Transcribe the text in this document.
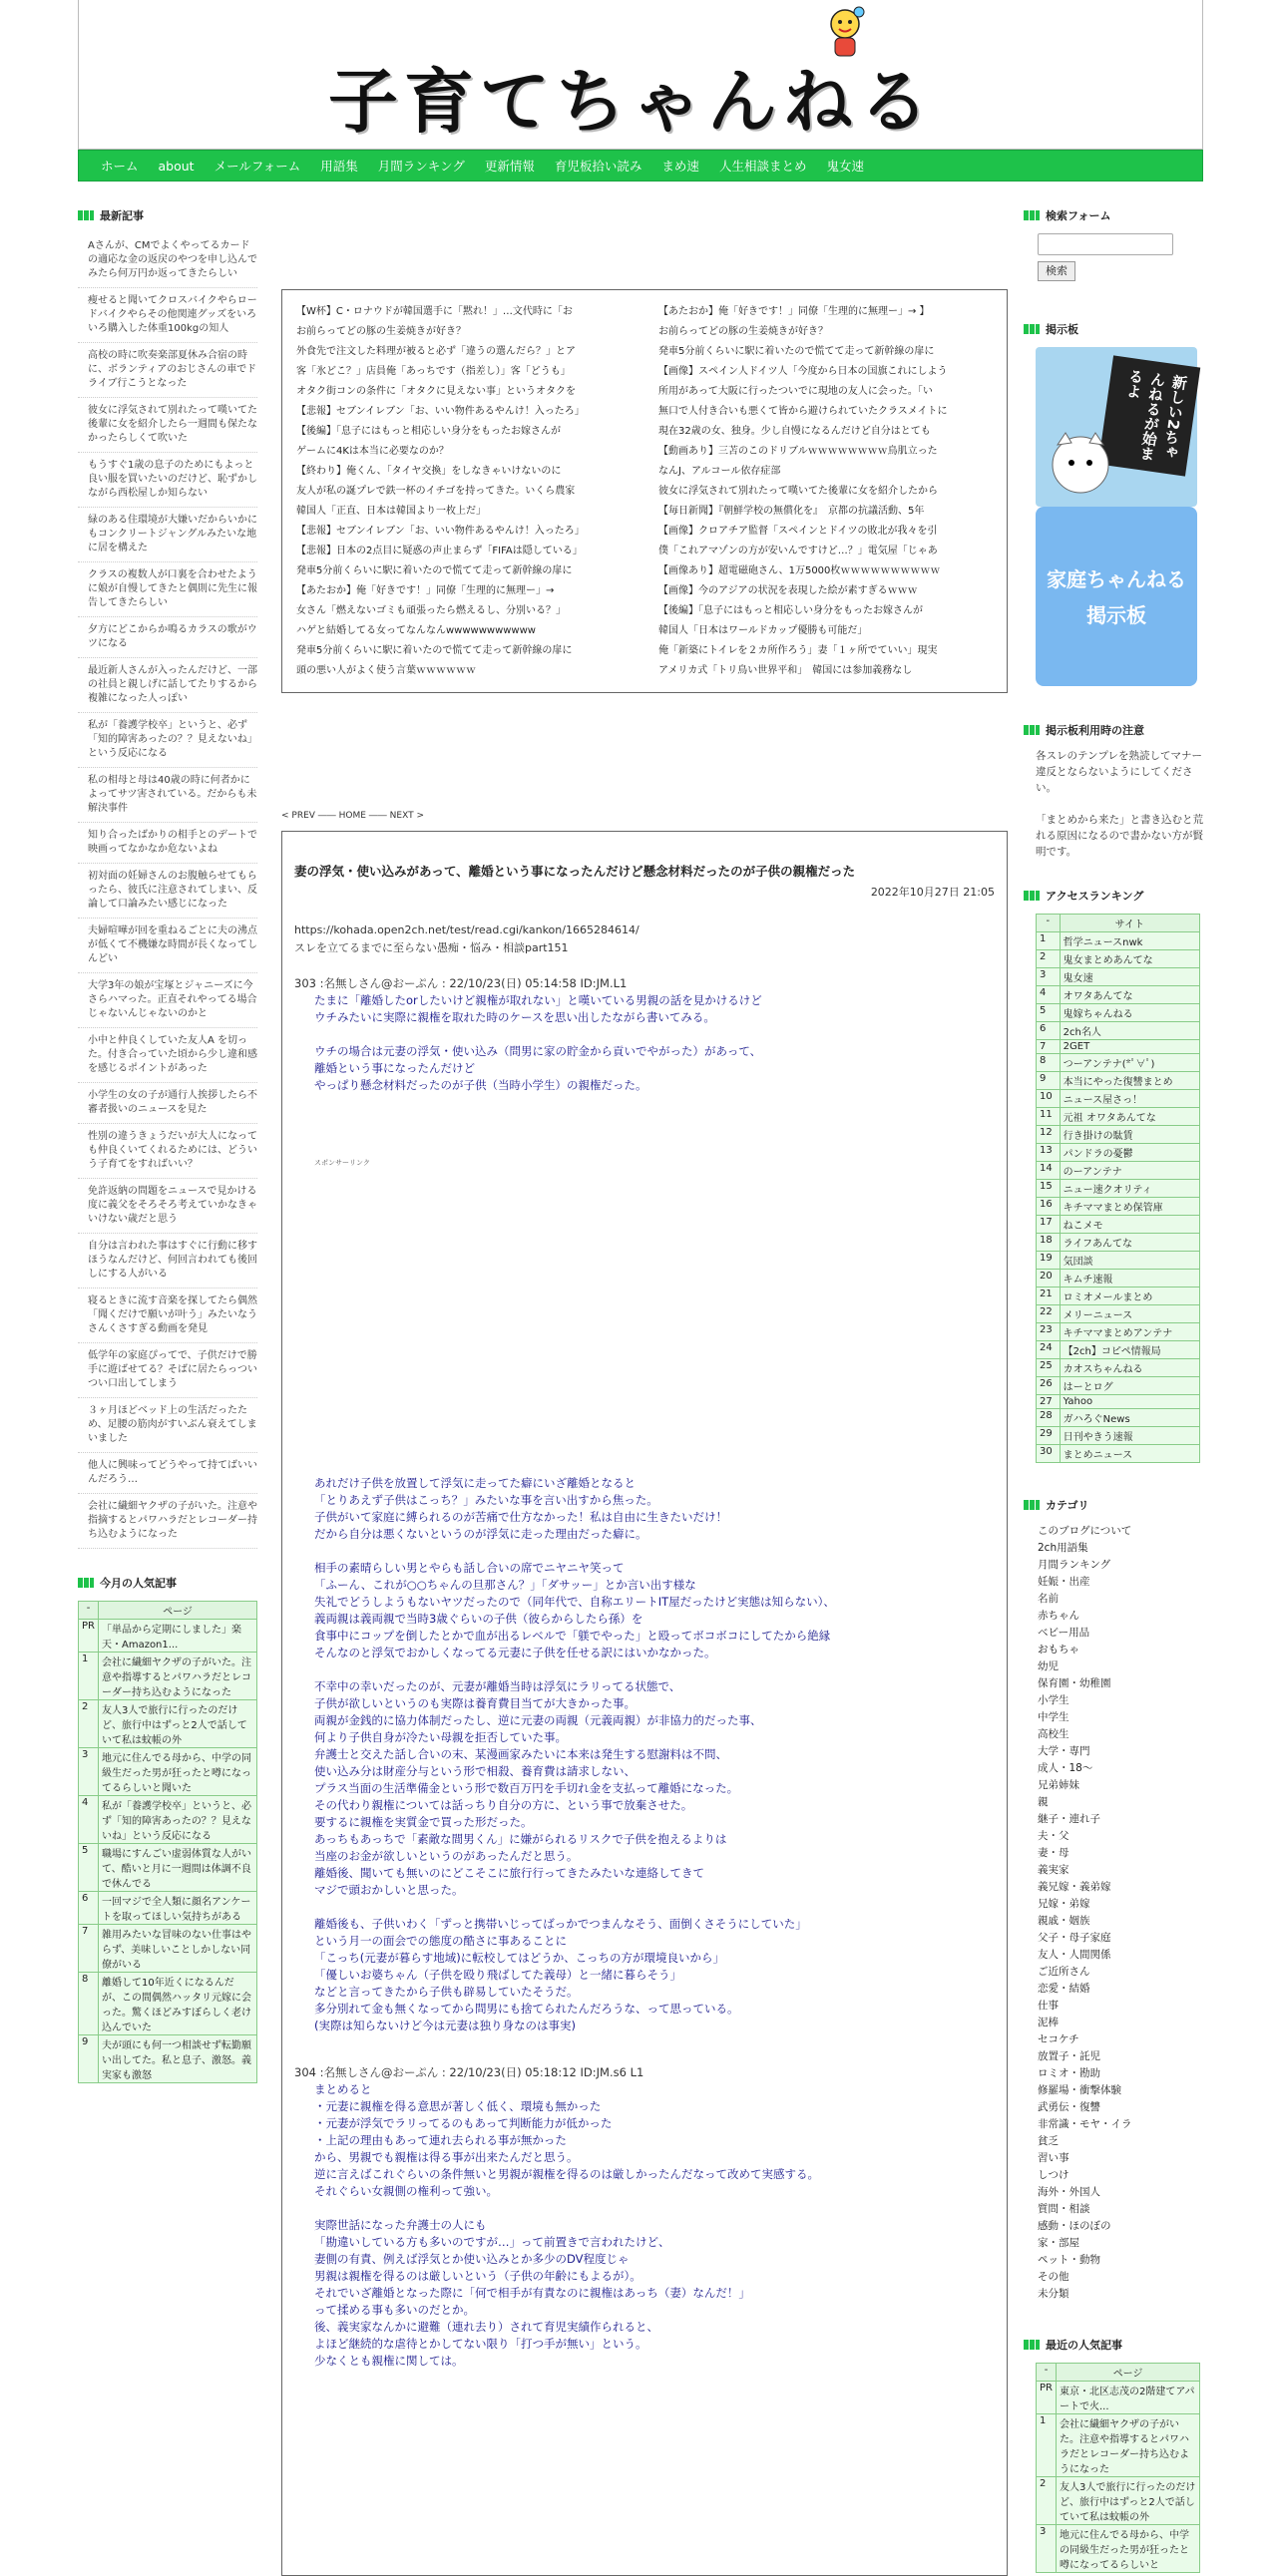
子育てちゃんねる
ホーム	about	メールフォーム	用語集	月間ランキング	更新情報	育児板拾い読み	まめ速	人生相談まとめ	鬼女速
最新記事
Aさんが、CMでよくやってるカードの適応な金の返戻のやつを申し込んでみたら何万円か返ってきたらしい
痩せると聞いてクロスバイクやらロードバイクやらその他関連グッズをいろいろ購入した体重100kgの知人
高校の時に吹奏楽部夏休み合宿の時に、ボランティアのおじさんの車でドライブ行こうとなった
彼女に浮気されて別れたって嘆いてた後輩に女を紹介したら一週間も保たなかったらしくて吹いた
もうすぐ1歳の息子のためにもよっと良い服を買いたいのだけど、恥ずかしながら西松屋しか知らない
緑のある住環境が大嫌いだからいかにもコンクリートジャングルみたいな地に居を構えた
クラスの複数人が口裏を合わせたように娘が自慢してきたと偶則に先生に報告してきたらしい
夕方にどこからか鳴るカラスの歌がウツになる
最近新人さんが入ったんだけど、一部の社員と親しげに話してたりするから複雑になった人っぽい
私が「養護学校卒」というと、必ず「知的障害あったの？？見えないね」という反応になる
私の相母と母は40歳の時に何者かによってサツ害されている。だからも未解決事件
知り合ったばかりの相手とのデートで映画ってなかなか危ないよね
初対面の妊婦さんのお腹触らせてもらったら、彼氏に注意されてしまい、反論して口論みたい感じになった
夫婦喧嘩が回を重ねるごとに夫の沸点が低くて不機嫌な時間が長くなってしんどい
大学3年の娘が宝塚とジャニーズに今さらハマった。正直それやってる場合じゃないんじゃないのかと
小中と仲良くしていた友人A を切った。付き合っていた頃から少し違和感を感じるポイントがあった
小学生の女の子が通行人挨拶したら不審者扱いのニュースを見た
性別の違うきょうだいが大人になっても仲良くいてくれるためには、どういう子育てをすればいい？
免許返納の問題をニュースで見かける度に義父をそろそろ考えていかなきゃいけない歳だと思う
自分は言われた事はすぐに行動に移すほうなんだけど、何回言われても後回しにする人がいる
寝るときに流す音楽を探してたら偶然「聞くだけで願いが叶う」みたいなうさんくさすぎる動画を発見
低学年の家庭ぴってで、子供だけで勝手に遊ばせてる？そばに居たらっついつい口出してしまう
３ヶ月ほどベッド上の生活だったため、足腰の筋肉がすいぶん衰えてしまいました
他人に興味ってどうやって持てばいいんだろう…
会社に繊細ヤクザの子がいた。注意や指摘するとパワハラだとレコーダー持ち込むようになった
今月の人気記事
-	ページ
PR	「単品から定期にしました」楽天・Amazon1...
1	会社に繊細ヤクザの子がいた。注意や指導するとパワハラだとレコーダー持ち込むようになった
2	友人3人で旅行に行ったのだけど、旅行中はずっと2人で話していて私は蚊帳の外
3	地元に住んでる母から、中学の同級生だった男が狂ったと噂になってるらしいと聞いた
4	私が「養護学校卒」というと、必ず「知的障害あったの？？見えないね」という反応になる
5	職場にすんごい虚弱体質な人がいて、酷いと月に一週間は体調不良で休んでる
6	一回マジで全人類に顔名アンケートを取ってほしい気持ちがある
7	雑用みたいな冒味のない仕事はやらず、美味しいことしかしない同僚がいる
8	離婚して10年近くになるんだが、この間偶然ハッタリ元嫁に会った。驚くほどみすぼらしく老け込んでいた
9	夫が頭にも何一つ相談せず転勤願い出してた。私と息子、激怒。義実家も激怒
【W杯】C・ロナウドが韓国選手に「黙れ！」…文代時に「お
お前らってどの豚の生姜焼きが好き？
外食先で注文した料理が被ると必ず「違うの選んだら？」とア
客「氷どこ？」店員俺「あっちです（指差し）」客「どうも」
オタク街コンの条件に「オタクに見えない事」というオタクを
【悲報】セブンイレブン「お、いい物件あるやんけ！入ったろ」
【後編】「息子にはもっと相応しい身分をもったお嫁さんが
ゲームに4Kは本当に必要なのか？
【終わり】俺くん、「タイヤ交換」をしなきゃいけないのに
友人が私の誕プレで鉄一杯のイチゴを持ってきた。いくら農家
韓国人「正直、日本は韓国より一枚上だ」
【悲報】セブンイレブン「お、いい物件あるやんけ！入ったろ」
【悲報】日本の2点目に疑惑の声止まらず「FIFAは隠している」
発車5分前くらいに駅に着いたので慌てて走って新幹線の扉に
【あたおか】俺「好きです！」同僚「生理的に無理ー」→
女さん「燃えないゴミも頑張ったら燃えるし、分別いる？」
ハゲと結婚してる女ってなんなんwwwwwwwwwww
発車5分前くらいに駅に着いたので慌てて走って新幹線の扉に
頭の悪い人がよく使う言葉ｗｗｗｗｗｗ
【あたおか】俺「好きです！」同僚「生理的に無理ー」→ 】
お前らってどの豚の生姜焼きが好き？
発車5分前くらいに駅に着いたので慌てて走って新幹線の扉に
【画像】スペイン人ドイツ人「今度から日本の国旗これにしよう
所用があって大阪に行ったついでに現地の友人に会った。「い
無口で人付き合いも悪くて皆から避けられていたクラスメイトに
現在32歳の女、独身。少し自慢になるんだけど自分はとても
【動画あり】三苫のこのドリブルｗｗｗｗｗｗｗｗ鳥肌立った
なんJ、アルコール依存症部
彼女に浮気されて別れたって嘆いてた後輩に女を紹介したから
【毎日新聞】『朝鮮学校の無償化を』　京都の抗議活動、5年
【画像】クロアチア監督「スペインとドイツの敗北が我々を引
僕「これアマゾンの方が安いんですけど…？」電気屋「じゃあ
【画像あり】超電磁砲さん、1万5000枚ｗｗｗｗｗｗｗｗｗｗ
【画像】今のアジアの状況を表現した絵が素すぎるｗｗｗ
【後編】「息子にはもっと相応しい身分をもったお嫁さんが
韓国人「日本はワールドカップ優勝も可能だ」
俺「新築にトイレを２カ所作ろう」妻「１ヶ所でていい」現実
アメリカ式「トリ鳥い世界平和」　韓国には参加義務なし
< PREV ―― HOME ―― NEXT >
妻の浮気・使い込みがあって、離婚という事になったんだけど懸念材料だったのが子供の親権だった
2022年10月27日 21:05
https://kohada.open2ch.net/test/read.cgi/kankon/1665284614/
スレを立てるまでに至らない愚痴・悩み・相談part151
303 :名無しさん@おーぷん : 22/10/23(日) 05:14:58 ID:JM.L1
たまに「離婚したorしたいけど親権が取れない」と嘆いている男親の話を見かけるけど
ウチみたいに実際に親権を取れた時のケースを思い出したながら書いてみる。

ウチの場合は元妻の浮気・使い込み（問男に家の貯金から貢いでやがった）があって、
離婚という事になったんだけど
やっぱり懸念材料だったのが子供（当時小学生）の親権だった。
スポンサーリンク
あれだけ子供を放置して浮気に走ってた癖にいざ離婚となると
「とりあえず子供はこっち？」みたいな事を言い出すから焦った。
子供がいて家庭に縛られるのが苦痛で仕方なかった！私は自由に生きたいだけ！
だから自分は悪くないというのが浮気に走った理由だった癖に。

相手の素晴らしい男とやらも話し合いの席でニヤニヤ笑って
「ふーん、これが○○ちゃんの旦那さん？」「ダサッー」とか言い出す様な
失礼でどうしようもないヤツだったので（同年代で、自称エリートIT屋だったけど実態は知らない）、
義両親は義両親で当時3歳ぐらいの子供（彼らからしたら孫）を
食事中にコップを倒したとかで血が出るレベルで「躾でやった」と殴ってボコボコにしてたから絶縁
そんなのと浮気でおかしくなってる元妻に子供を任せる訳にはいかなかった。

不幸中の幸いだったのが、元妻が離婚当時は浮気にラリってる状態で、
子供が欲しいというのも実際は養育費目当てが大きかった事。
両親が金銭的に協力体制だったし、逆に元妻の両親（元義両親）が非協力的だった事、
何より子供自身が冷たい母親を拒否していた事。
弁護士と交えた話し合いの末、某漫画家みたいに本来は発生する慰謝料は不問、
使い込み分は財産分与という形で相殺、養育費は請求しない、
プラス当面の生活準備金という形で数百万円を手切れ金を支払って離婚になった。
その代わり親権については話っちり自分の方に、という事で放棄させた。
要するに親権を実質金で買った形だった。
あっちもあっちで「素敵な間男くん」に嫌がられるリスクで子供を抱えるよりは
当座のお金が欲しいというのがあったんだと思う。
離婚後、聞いても無いのにどこそこに旅行行ってきたみたいな連絡してきて
マジで頭おかしいと思った。

離婚後も、子供いわく「ずっと携帯いじってばっかでつまんなそう、面倒くさそうにしていた」
という月一の面会での態度の酷さに事あることに
「こっち(元妻が暮らす地域)に転校してはどうか、こっちの方が環境良いから」
「優しいお婆ちゃん（子供を殴り飛ばしてた義母）と一緒に暮らそう」
などと言ってきたから子供も辟易していたそうだ。
多分別れて金も無くなってから問男にも捨てられたんだろうな、って思っている。
(実際は知らないけど今は元妻は独り身なのは事実)
304 :名無しさん@おーぷん : 22/10/23(日) 05:18:12 ID:JM.s6 L1
まとめると
・元妻に親権を得る意思が著しく低く、環境も無かった
・元妻が浮気でラリってるのもあって判断能力が低かった
・上記の理由もあって連れ去られる事が無かった
から、男親でも親権は得る事が出来たんだと思う。
逆に言えばこれぐらいの条件無いと男親が親権を得るのは厳しかったんだなって改めて実感する。
それぐらい女親側の権利って強い。

実際世話になった弁護士の人にも
「勘違いしている方も多いのですが…」って前置きで言われたけど、
妻側の有責、例えば浮気とか使い込みとか多少のDV程度じゃ
男親は親権を得るのは厳しいという（子供の年齢にもよるが）。
それでいざ離婚となった際に「何で相手が有責なのに親権はあっち（妻）なんだ！」
って揉める事も多いのだとか。
後、義実家なんかに避難（連れ去り）されて育児実績作られると、
よほど継続的な虐待とかしてない限り「打つ手が無い」という。
少なくとも親権に関しては。
検索フォーム
検索
掲示板
新しい2ちゃんねるが始まるよ
家庭ちゃんねる 掲示板
掲示板利用時の注意

各スレのテンプレを熟読してマナー違反とならないようにしてください。

「まとめから来た」と書き込むと荒れる原因になるので書かない方が賢明です。

アクセスランキング
-	サイト
1	哲学ニュースnwk
2	鬼女まとめあんてな
3	鬼女速
4	オワタあんてな
5	鬼嫁ちゃんねる
6	2ch名人
7	2GET
8	つーアンテナ(*ﾟ∀ﾟ)
9	本当にやった復讐まとめ
10	ニュース屋さっ！
11	元祖 オワタあんてな
12	行き掛けの駄賃
13	パンドラの憂鬱
14	のーアンテナ
15	ニュー速クオリティ
16	キチママまとめ保管庫
17	ねこメモ
18	ライフあんてな
19	気団談
20	キムチ速報
21	ロミオメールまとめ
22	メリーニュース
23	キチママまとめアンテナ
24	【2ch】コピペ情報局
25	カオスちゃんねる
26	はーとログ
27	Yahoo
28	ガハろぐNews
29	日刊やきう速報
30	まとめニュース
カテゴリ
このブログについて
2ch用語集
月間ランキング
妊娠・出産
名前
赤ちゃん
ベビー用品
おもちゃ
幼児
保育園・幼稚園
小学生
中学生
高校生
大学・専門
成人・18～
兄弟姉妹
親
継子・連れ子
夫・父
妻・母
義実家
義兄嫁・義弟嫁
兄嫁・弟嫁
親戚・姻族
父子・母子家庭
友人・人間関係
ご近所さん
恋愛・結婚
仕事
泥棒
セコケチ
放置子・託児
ロミオ・勘助
修羅場・衝撃体験
武勇伝・復讐
非常識・モヤ・イラ
貧乏
習い事
しつけ
海外・外国人
質問・相談
感動・ほのぼの
家・部屋
ペット・動物
その他
未分類
最近の人気記事
-	ページ
PR	東京・北区志茂の2階建てアパートで火...
1	会社に繊細ヤクザの子がいた。注意や指導するとパワハラだとレコーダー持ち込むようになった
2	友人3人で旅行に行ったのだけど、旅行中はずっと2人で話していて私は蚊帳の外
3	地元に住んでる母から、中学の同級生だった男が狂ったと噂になってるらしいと
